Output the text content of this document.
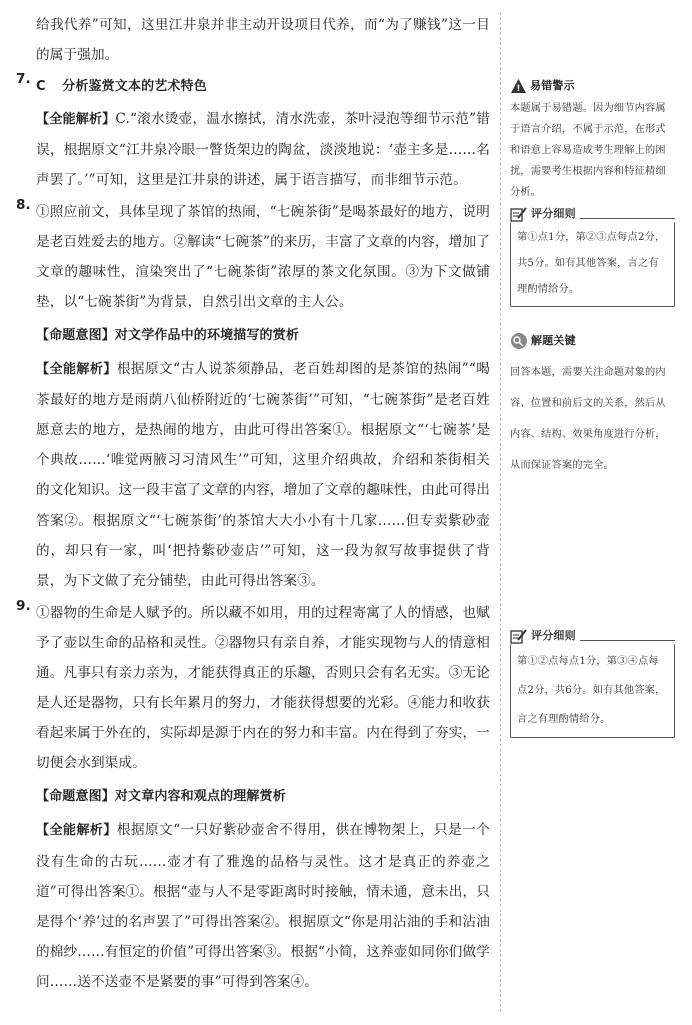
给我代养”可知，这里江井泉并非主动开设项目代养，而“为了赚钱”这一目的属于强加。

7. C 分析鉴赏文本的艺术特色

【全能解析】C.“滚水烫壶，温水擦拭，清水洗壶，茶叶浸泡等细节示范”错误，根据原文“江井泉冷眼一瞥货架边的陶盆，淡淡地说：‘壶主多是……名声罢了。’”可知，这里是江井泉的讲述，属于语言描写，而非细节示范。

8. ①照应前文，具体呈现了茶馆的热闹，“七碗茶街”是喝茶最好的地方，说明是老百姓爱去的地方。②解读“七碗茶”的来历，丰富了文章的内容，增加了文章的趣味性，渲染突出了“七碗茶街”浓厚的茶文化氛围。③为下文做铺垫，以“七碗茶街”为背景，自然引出文章的主人公。

【命题意图】对文学作品中的环境描写的赏析

【全能解析】根据原文“古人说茶须静品，老百姓却图的是茶馆的热闹”“喝茶最好的地方是雨荫八仙桥附近的‘七碗茶街’”可知，“七碗茶街”是老百姓愿意去的地方，是热闹的地方，由此可得出答案①。根据原文“‘七碗茶’是个典故……‘唯觉两腋习习清风生’”可知，这里介绍典故，介绍和茶街相关的文化知识。这一段丰富了文章的内容，增加了文章的趣味性，由此可得出答案②。根据原文“‘七碗茶街’的茶馆大大小小有十几家……但专卖紫砂壶的，却只有一家，叫‘把持紫砂壶店’”可知，这一段为叙写故事提供了背景，为下文做了充分铺垫，由此可得出答案③。

9. ①器物的生命是人赋予的。所以藏不如用，用的过程寄寓了人的情感，也赋予了壶以生命的品格和灵性。②器物只有亲自养，才能实现物与人的情意相通。凡事只有亲力亲为，才能获得真正的乐趣，否则只会有名无实。③无论是人还是器物，只有长年累月的努力，才能获得想要的光彩。④能力和收获看起来属于外在的，实际却是源于内在的努力和丰富。内在得到了夯实，一切便会水到渠成。

【命题意图】对文章内容和观点的理解赏析

【全能解析】根据原文“一只好紫砂壶舍不得用，供在博物架上，只是一个没有生命的古玩……壶才有了雅逸的品格与灵性。这才是真正的养壶之道”可得出答案①。根据“壶与人不是零距离时时接触，情未通，意未出，只是得个‘养’过的名声罢了”可得出答案②。根据原文“你是用沾油的手和沾油的棉纱……有恒定的价值”可得出答案③。根据“小简，这养壶如同你们做学问……送不送壶不是紧要的事”可得到答案④。

! 易错警示
本题属于易错题。因为细节内容属于语言介绍，不属于示范，在形式和语意上容易造成考生理解上的困扰，需要考生根据内容和特征精细分析。
评分细则
第①点1分，第②③点每点2分，共5分。如有其他答案，言之有理酌情给分。
解题关键
回答本题，需要关注命题对象的内容、位置和前后文的关系，然后从内容、结构、效果角度进行分析，从而保证答案的完全。
评分细则
第①②点每点1分，第③④点每点2分，共6分。如有其他答案，言之有理酌情给分。
